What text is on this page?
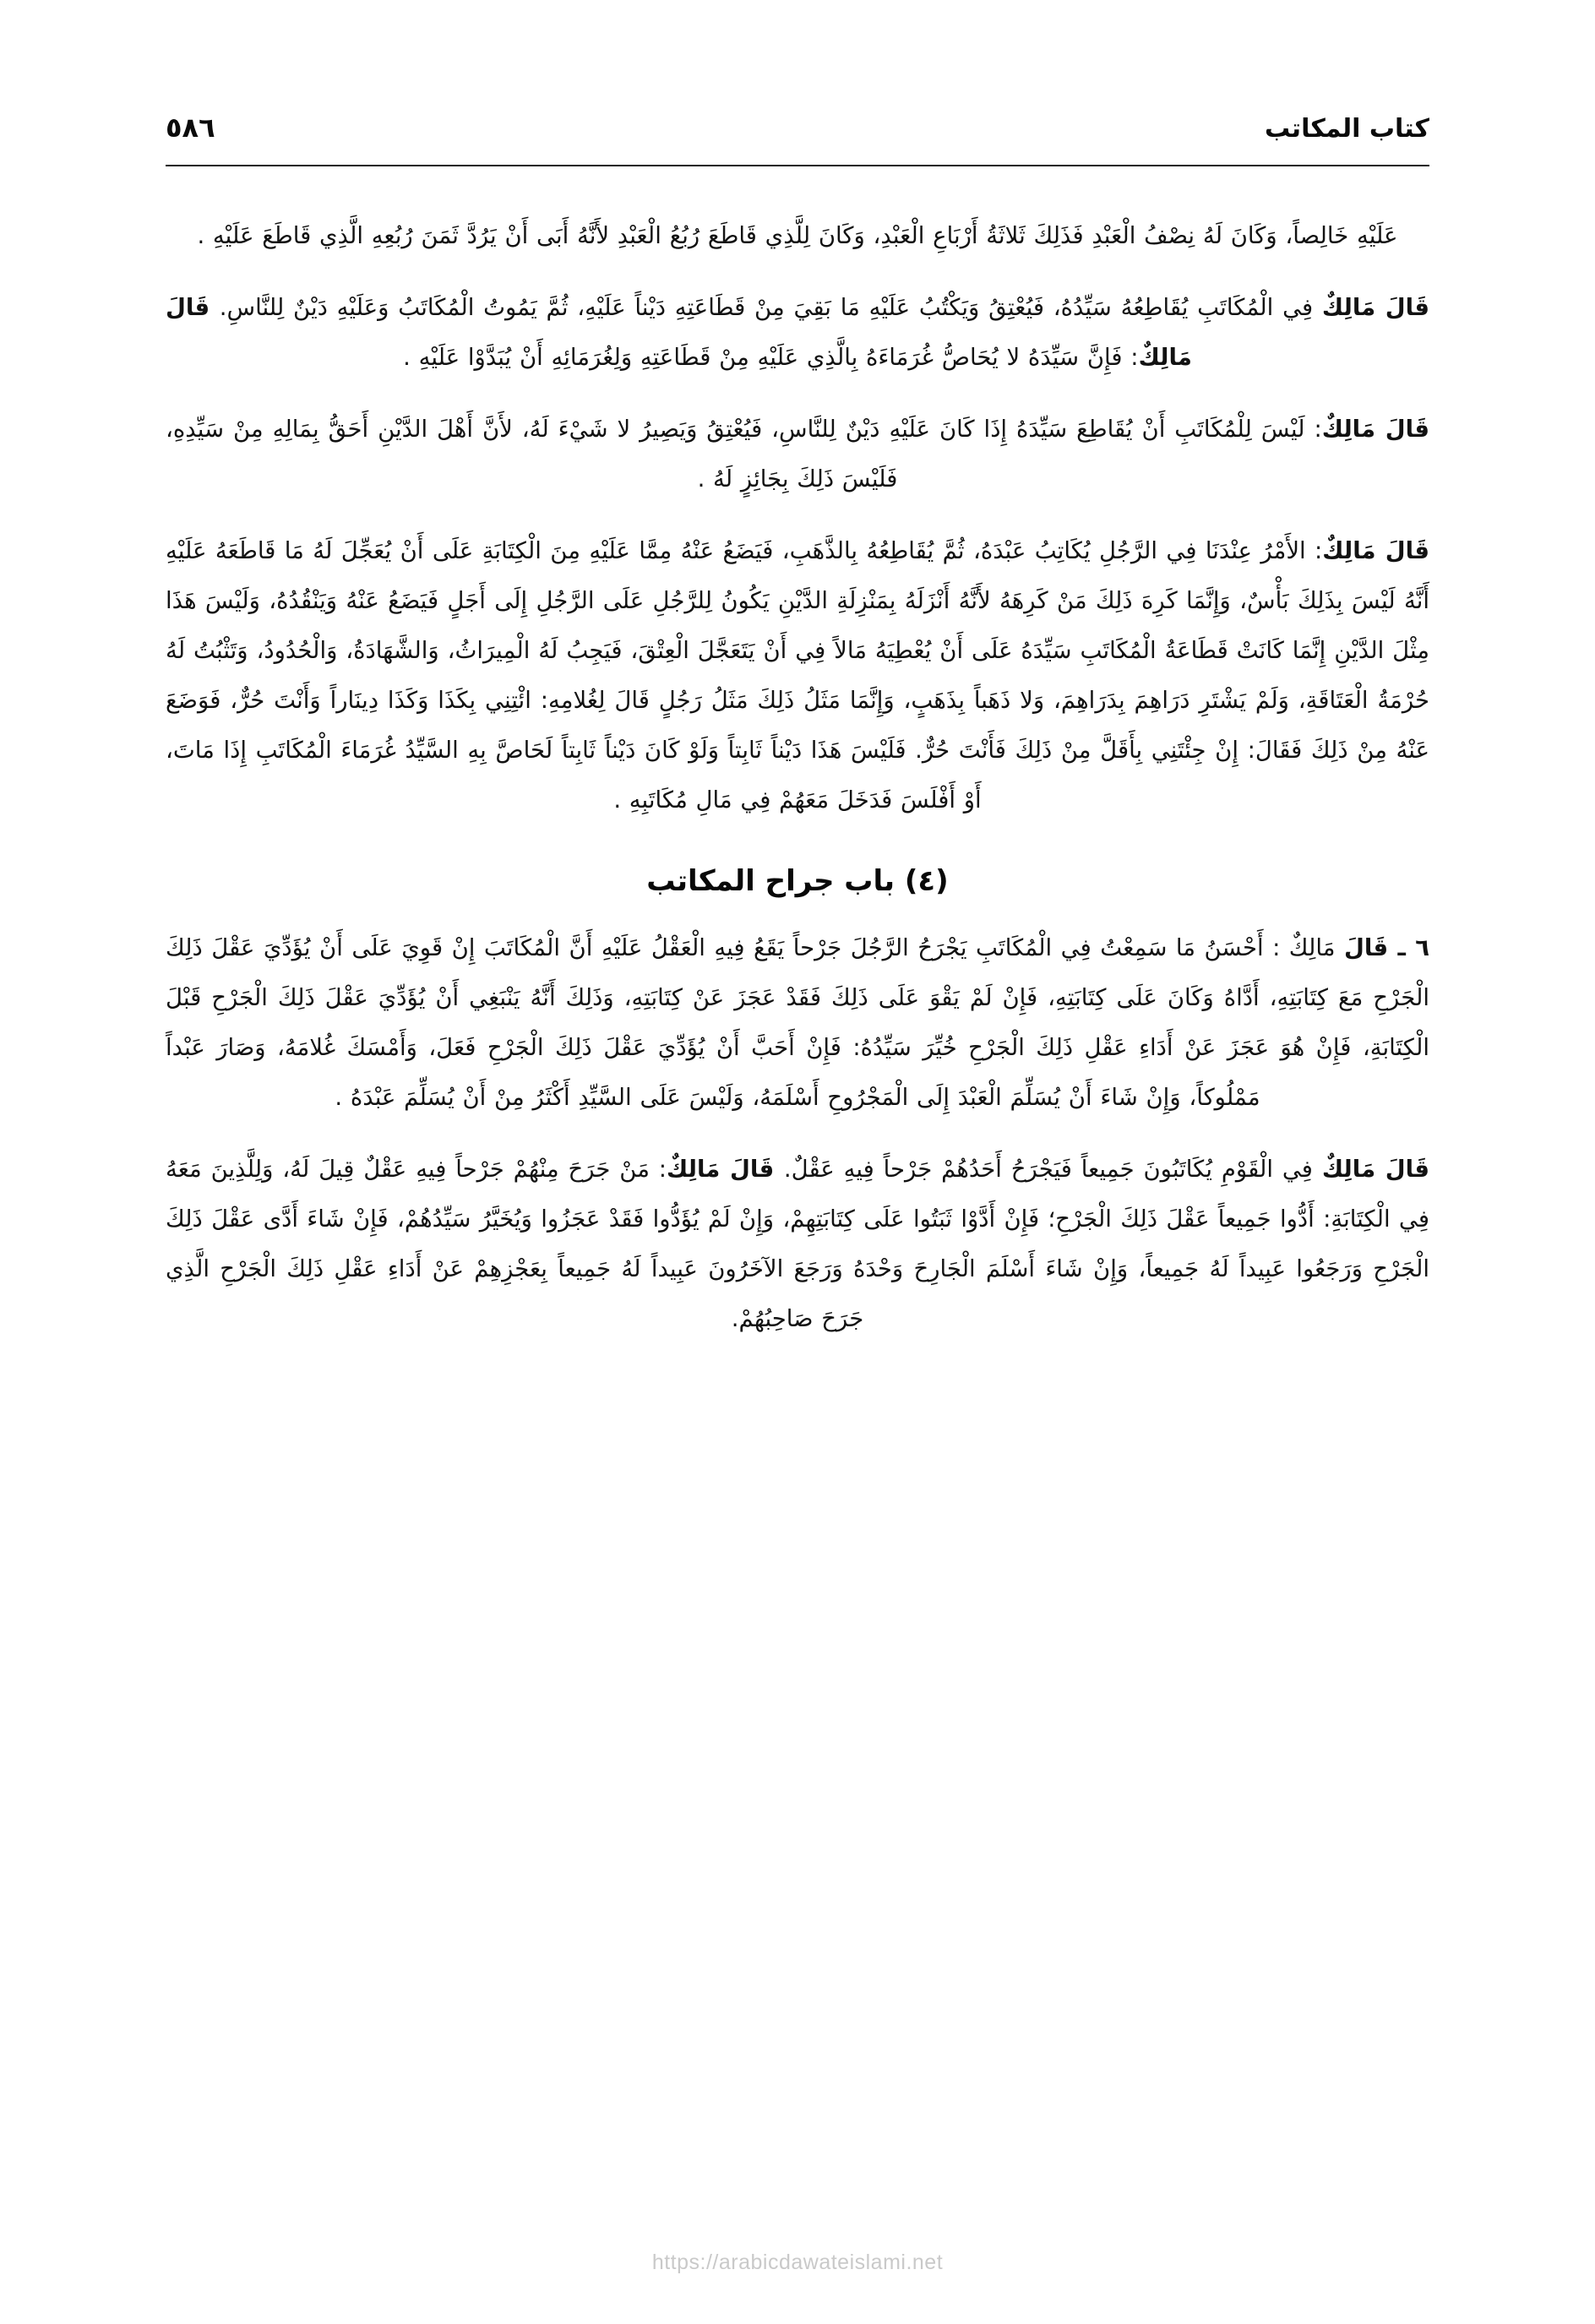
كتاب المكاتب
٥٨٦

عَلَيْهِ خَالِصاً، وَكَانَ لَهُ نِصْفُ الْعَبْدِ فَذَلِكَ ثَلاثَةُ أَرْبَاعِ الْعَبْدِ، وَكَانَ لِلَّذِي قَاطَعَ رُبُعُ الْعَبْدِ لأَنَّهُ أَبَى أَنْ يَرُدَّ ثَمَنَ رُبُعِهِ الَّذِي قَاطَعَ عَلَيْهِ .

قَالَ مَالِكٌ فِي الْمُكَاتَبِ يُقَاطِعُهُ سَيِّدُهُ، فَيُعْتِقُ وَيَكْتُبُ عَلَيْهِ مَا بَقِيَ مِنْ قَطَاعَتِهِ دَيْناً عَلَيْهِ، ثُمَّ يَمُوتُ الْمُكَاتَبُ وَعَلَيْهِ دَيْنٌ لِلنَّاسِ. قَالَ مَالِكٌ: فَإِنَّ سَيِّدَهُ لا يُحَاصُّ غُرَمَاءَهُ بِالَّذِي عَلَيْهِ مِنْ قَطَاعَتِهِ وَلِغُرَمَائِهِ أَنْ يُبَدَّوْا عَلَيْهِ .

قَالَ مَالِكٌ: لَيْسَ لِلْمُكَاتَبِ أَنْ يُقَاطِعَ سَيِّدَهُ إِذَا كَانَ عَلَيْهِ دَيْنٌ لِلنَّاسِ، فَيُعْتِقُ وَيَصِيرُ لا شَيْءَ لَهُ، لأَنَّ أَهْلَ الدَّيْنِ أَحَقُّ بِمَالِهِ مِنْ سَيِّدِهِ، فَلَيْسَ ذَلِكَ بِجَائِزٍ لَهُ .

قَالَ مَالِكٌ: الأَمْرُ عِنْدَنَا فِي الرَّجُلِ يُكَاتِبُ عَبْدَهُ، ثُمَّ يُقَاطِعُهُ بِالذَّهَبِ، فَيَضَعُ عَنْهُ مِمَّا عَلَيْهِ مِنَ الْكِتَابَةِ عَلَى أَنْ يُعَجِّلَ لَهُ مَا قَاطَعَهُ عَلَيْهِ أَنَّهُ لَيْسَ بِذَلِكَ بَأْسٌ، وَإِنَّمَا كَرِهَ ذَلِكَ مَنْ كَرِهَهُ لأَنَّهُ أَنْزَلَهُ بِمَنْزِلَةِ الدَّيْنِ يَكُونُ لِلرَّجُلِ عَلَى الرَّجُلِ إِلَى أَجَلٍ فَيَضَعُ عَنْهُ وَيَنْقُدُهُ، وَلَيْسَ هَذَا مِثْلَ الدَّيْنِ إِنَّمَا كَانَتْ قَطَاعَةُ الْمُكَاتَبِ سَيِّدَهُ عَلَى أَنْ يُعْطِيَهُ مَالاً فِي أَنْ يَتَعَجَّلَ الْعِتْقَ، فَيَجِبُ لَهُ الْمِيرَاثُ، وَالشَّهَادَةُ، وَالْحُدُودُ، وَتَثْبُتُ لَهُ حُرْمَةُ الْعَتَاقَةِ، وَلَمْ يَشْتَرِ دَرَاهِمَ بِدَرَاهِمَ، وَلا ذَهَباً بِذَهَبٍ، وَإِنَّمَا مَثَلُ ذَلِكَ مَثَلُ رَجُلٍ قَالَ لِغُلامِهِ: ائْتِنِي بِكَذَا وَكَذَا دِينَاراً وَأَنْتَ حُرٌّ، فَوَضَعَ عَنْهُ مِنْ ذَلِكَ فَقَالَ: إِنْ جِئْتَنِي بِأَقَلَّ مِنْ ذَلِكَ فَأَنْتَ حُرٌّ. فَلَيْسَ هَذَا دَيْناً ثَابِتاً وَلَوْ كَانَ دَيْناً ثَابِتاً لَحَاصَّ بِهِ السَّيِّدُ غُرَمَاءَ الْمُكَاتَبِ إِذَا مَاتَ، أَوْ أَفْلَسَ فَدَخَلَ مَعَهُمْ فِي مَالِ مُكَاتَبِهِ .

(٤) باب جراح المكاتب

٦ ـ قَالَ مَالِكٌ : أَحْسَنُ مَا سَمِعْتُ فِي الْمُكَاتَبِ يَجْرَحُ الرَّجُلَ جَرْحاً يَقَعُ فِيهِ الْعَقْلُ عَلَيْهِ أَنَّ الْمُكَاتَبَ إِنْ قَوِيَ عَلَى أَنْ يُؤَدِّيَ عَقْلَ ذَلِكَ الْجَرْحِ مَعَ كِتَابَتِهِ، أَدَّاهُ وَكَانَ عَلَى كِتَابَتِهِ، فَإِنْ لَمْ يَقْوَ عَلَى ذَلِكَ فَقَدْ عَجَزَ عَنْ كِتَابَتِهِ، وَذَلِكَ أَنَّهُ يَنْبَغِي أَنْ يُؤَدِّيَ عَقْلَ ذَلِكَ الْجَرْحِ قَبْلَ الْكِتَابَةِ، فَإِنْ هُوَ عَجَزَ عَنْ أَدَاءِ عَقْلِ ذَلِكَ الْجَرْحِ خُيِّرَ سَيِّدُهُ: فَإِنْ أَحَبَّ أَنْ يُؤَدِّيَ عَقْلَ ذَلِكَ الْجَرْحِ فَعَلَ، وَأَمْسَكَ غُلامَهُ، وَصَارَ عَبْداً مَمْلُوكاً، وَإِنْ شَاءَ أَنْ يُسَلِّمَ الْعَبْدَ إِلَى الْمَجْرُوحِ أَسْلَمَهُ، وَلَيْسَ عَلَى السَّيِّدِ أَكْثَرُ مِنْ أَنْ يُسَلِّمَ عَبْدَهُ .

قَالَ مَالِكٌ فِي الْقَوْمِ يُكَاتَبُونَ جَمِيعاً فَيَجْرَحُ أَحَدُهُمْ جَرْحاً فِيهِ عَقْلٌ. قَالَ مَالِكٌ: مَنْ جَرَحَ مِنْهُمْ جَرْحاً فِيهِ عَقْلٌ قِيلَ لَهُ، وَلِلَّذِينَ مَعَهُ فِي الْكِتَابَةِ: أَدُّوا جَمِيعاً عَقْلَ ذَلِكَ الْجَرْحِ؛ فَإِنْ أَدَّوْا ثَبَتُوا عَلَى كِتَابَتِهِمْ، وَإِنْ لَمْ يُؤَدُّوا فَقَدْ عَجَزُوا وَيُخَيَّرُ سَيِّدُهُمْ، فَإِنْ شَاءَ أَدَّى عَقْلَ ذَلِكَ الْجَرْحِ وَرَجَعُوا عَبِيداً لَهُ جَمِيعاً، وَإِنْ شَاءَ أَسْلَمَ الْجَارِحَ وَحْدَهُ وَرَجَعَ الآخَرُونَ عَبِيداً لَهُ جَمِيعاً بِعَجْزِهِمْ عَنْ أَدَاءِ عَقْلِ ذَلِكَ الْجَرْحِ الَّذِي جَرَحَ صَاحِبُهُمْ.

https://arabicdawateislami.net
